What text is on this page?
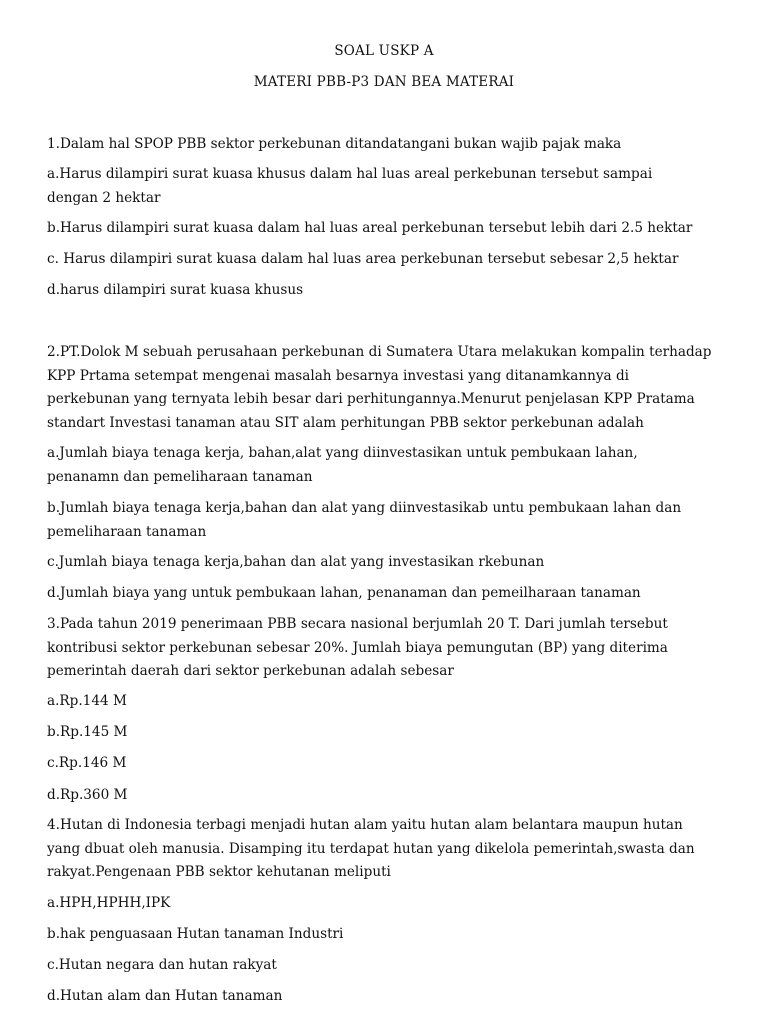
SOAL USKP A
MATERI PBB-P3 DAN BEA MATERAI
1.Dalam hal SPOP PBB sektor perkebunan ditandatangani bukan wajib pajak maka
a.Harus dilampiri surat kuasa khusus dalam hal luas areal perkebunan tersebut sampai dengan 2 hektar
b.Harus dilampiri surat kuasa dalam hal luas areal perkebunan tersebut lebih dari 2.5 hektar
c. Harus dilampiri surat kuasa dalam hal luas area perkebunan tersebut sebesar 2,5 hektar
d.harus dilampiri surat kuasa khusus
2.PT.Dolok M sebuah perusahaan perkebunan di Sumatera Utara melakukan kompalin terhadap KPP Prtama setempat mengenai masalah besarnya investasi yang ditanamkannya di perkebunan yang ternyata lebih besar dari perhitungannya.Menurut penjelasan KPP Pratama standart Investasi tanaman atau SIT alam perhitungan PBB sektor perkebunan adalah
a.Jumlah biaya tenaga kerja, bahan,alat yang diinvestasikan untuk pembukaan lahan, penanamn dan pemeliharaan tanaman
b.Jumlah biaya tenaga kerja,bahan dan alat yang diinvestasikab untu pembukaan lahan dan pemeliharaan tanaman
c.Jumlah biaya tenaga kerja,bahan dan alat yang investasikan rkebunan
d.Jumlah biaya yang untuk pembukaan lahan, penanaman dan pemeilharaan tanaman
3.Pada tahun 2019 penerimaan PBB secara nasional berjumlah 20 T. Dari jumlah tersebut kontribusi sektor perkebunan sebesar 20%. Jumlah biaya pemungutan (BP) yang diterima pemerintah daerah dari sektor perkebunan adalah sebesar
a.Rp.144 M
b.Rp.145 M
c.Rp.146 M
d.Rp.360 M
4.Hutan di Indonesia terbagi menjadi hutan alam yaitu hutan alam belantara maupun hutan yang dbuat oleh manusia. Disamping itu terdapat hutan yang dikelola pemerintah,swasta dan rakyat.Pengenaan PBB sektor kehutanan meliputi
a.HPH,HPHH,IPK
b.hak penguasaan Hutan tanaman Industri
c.Hutan negara dan hutan rakyat
d.Hutan alam dan Hutan tanaman
